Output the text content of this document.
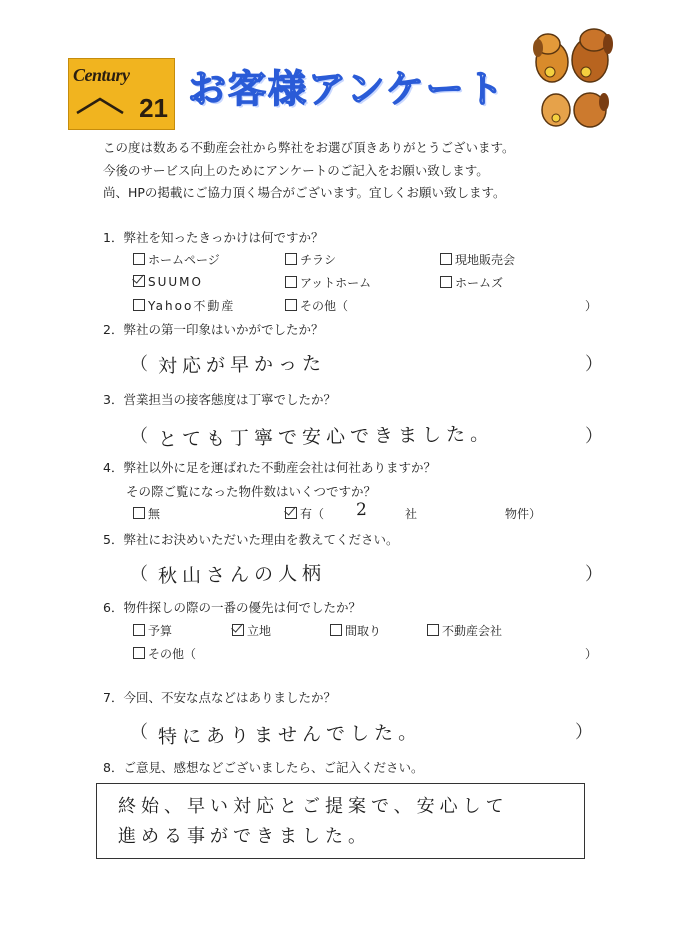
Century
21 お客様アンケート
この度は数ある不動産会社から弊社をお選び頂きありがとうございます。
今後のサービス向上のためにアンケートのご記入をお願い致します。
尚、HPの掲載にご協力頂く場合がございます。宜しくお願い致します。
1．弊社を知ったきっかけは何ですか？
ホームページ	チラシ	現地販売会
SUUMO	アットホーム	ホームズ
Yahoo不動産	その他（	）
2．弊社の第一印象はいかがでしたか？
（ 対応が早かった	）
3．営業担当の接客態度は丁寧でしたか？
（ とても丁寧で安心できました。	）
4．弊社以外に足を運ばれた不動産会社は何社ありますか？
その際ご覧になった物件数はいくつですか？
無	有（ 2	社	物件）
5．弊社にお決めいただいた理由を教えてください。
（ 秋山さんの人柄	）
6．物件探しの際の一番の優先は何でしたか？
予算	立地	間取り	不動産会社
その他（	）
7．今回、不安な点などはありましたか？
（ 特にありませんでした。	）
8．ご意見、感想などございましたら、ご記入ください。
終始、早い対応とご提案で、安心して
進める事ができました。
